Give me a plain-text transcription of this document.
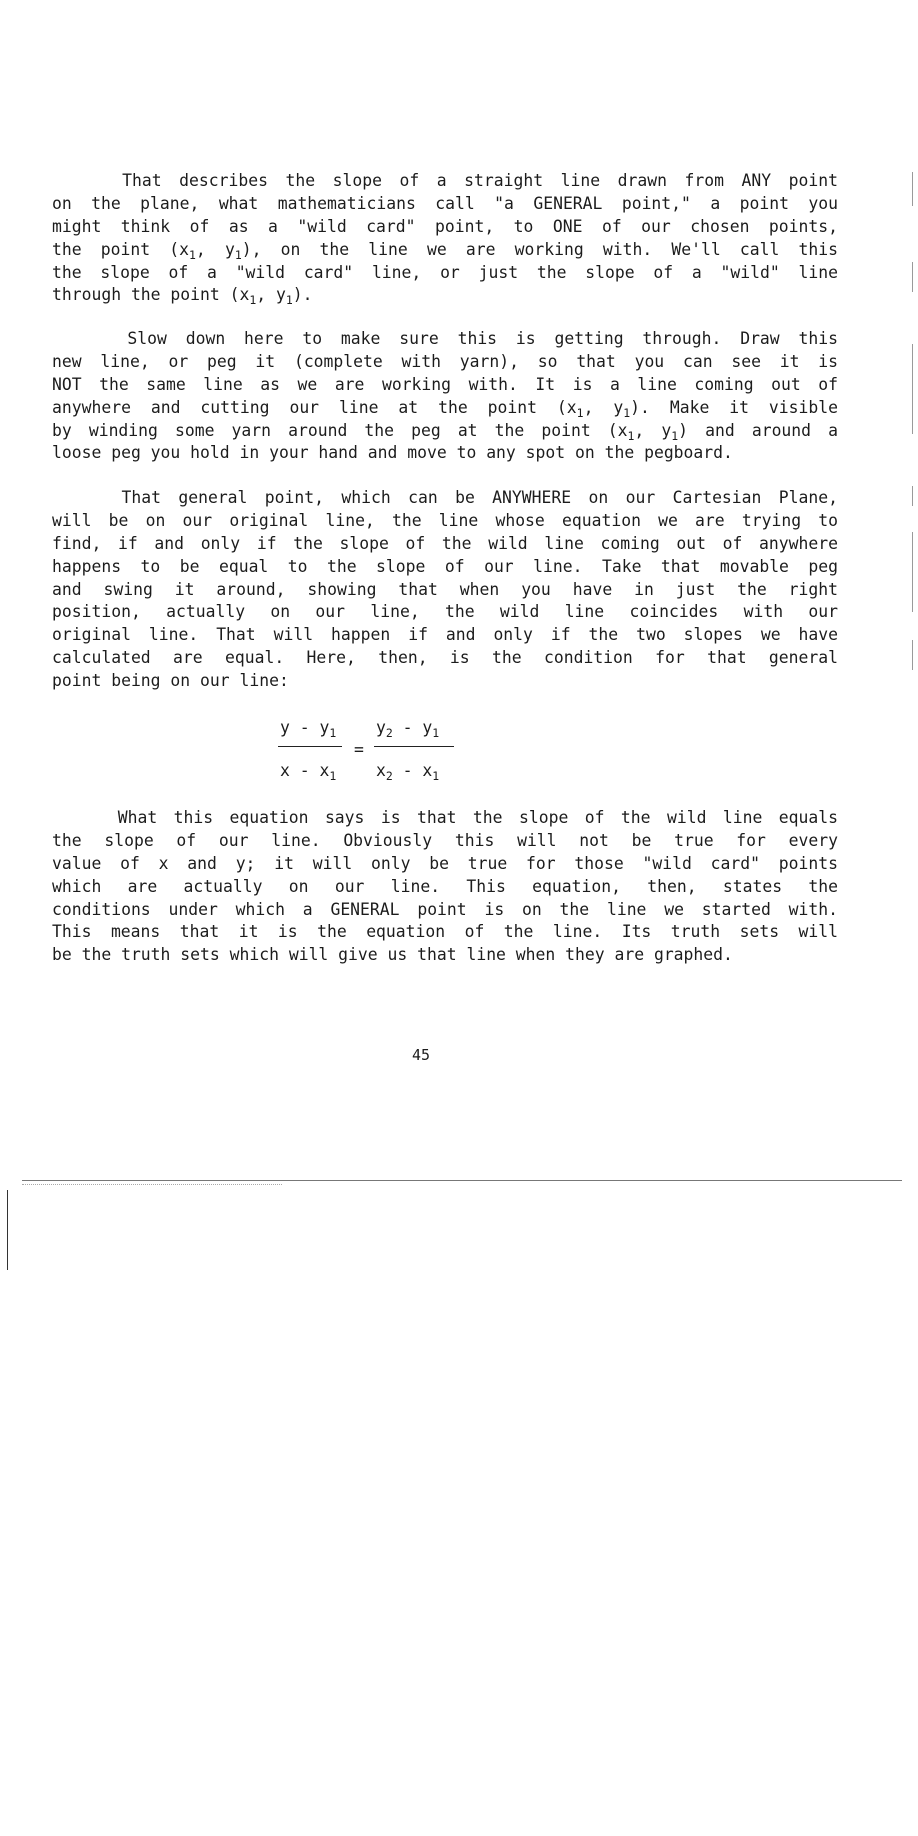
That describes the slope of a straight line drawn from ANY point
on the plane, what mathematicians call "a GENERAL point," a point you
might think of as a "wild card" point, to ONE of our chosen points,
the point ($x_1$, $y_1$), on the line we are working with. We'll call this
the slope of a "wild card" line, or just the slope of a "wild" line
through the point ($x_1$, $y_1$).
Slow down here to make sure this is getting through. Draw this
new line, or peg it (complete with yarn), so that you can see it is
NOT the same line as we are working with. It is a line coming out of
anywhere and cutting our line at the point ($x_1$, $y_1$). Make it visible
by winding some yarn around the peg at the point ($x_1$, $y_1$) and around a
loose peg you hold in your hand and move to any spot on the pegboard.
That general point, which can be ANYWHERE on our Cartesian Plane,
will be on our original line, the line whose equation we are trying to
find, if and only if the slope of the wild line coming out of anywhere
happens to be equal to the slope of our line. Take that movable peg
and swing it around, showing that when you have in just the right
position, actually on our line, the wild line coincides with our
original line. That will happen if and only if the two slopes we have
calculated are equal. Here, then, is the condition for that general
point being on our line:
y - $y_1$
x - $x_1$
=
$y_2 - y_1$
$x_2 - x_1$
What this equation says is that the slope of the wild line equals
the slope of our line. Obviously this will not be true for every
value of x and y; it will only be true for those "wild card" points
which are actually on our line. This equation, then, states the
conditions under which a GENERAL point is on the line we started with.
This means that it is the equation of the line. Its truth sets will
be the truth sets which will give us that line when they are graphed.
45
